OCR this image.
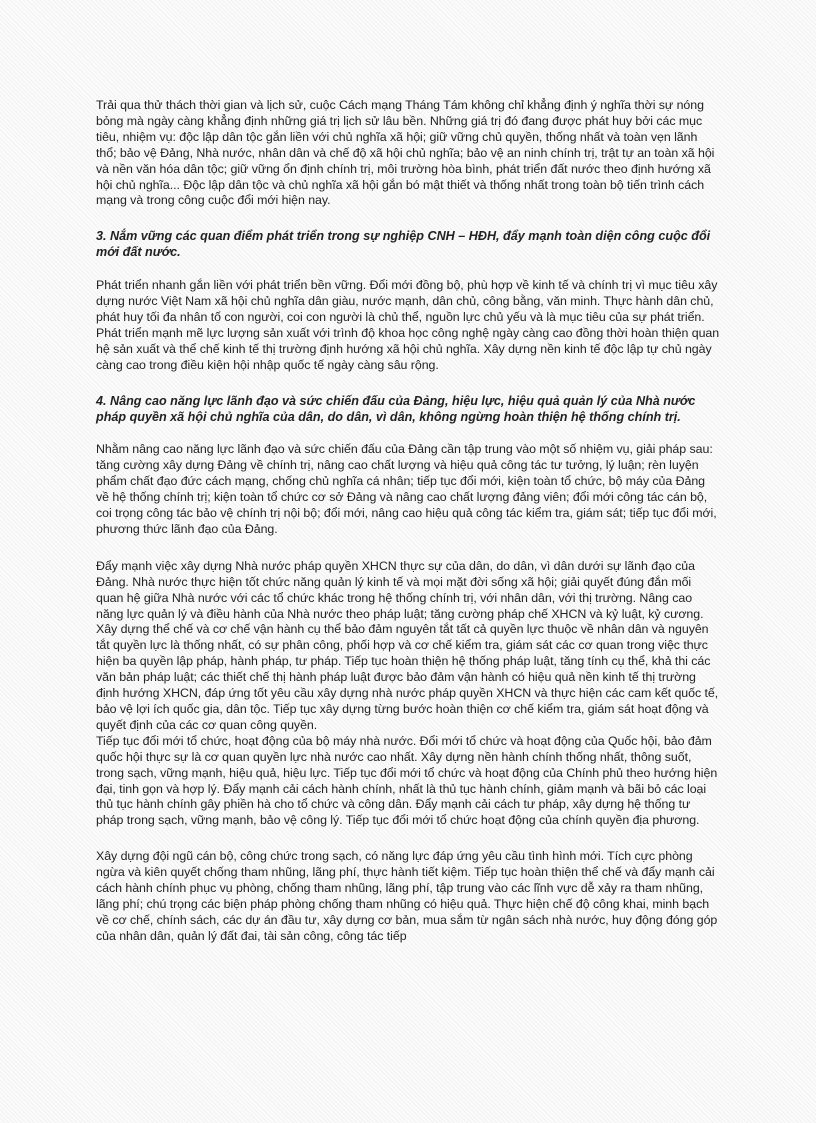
Trải qua thử thách thời gian và lịch sử, cuộc Cách mạng Tháng Tám không chỉ khẳng định ý nghĩa thời sự nóng bỏng mà ngày càng khẳng định những giá trị lịch sử lâu bền. Những giá trị đó đang được phát huy bởi các mục tiêu, nhiệm vụ: độc lập dân tộc gắn liền với chủ nghĩa xã hội; giữ vững chủ quyền, thống nhất và toàn vẹn lãnh thổ; bảo vệ Đảng, Nhà nước, nhân dân và chế độ xã hội chủ nghĩa; bảo vệ an ninh chính trị, trật tự an toàn xã hội và nền văn hóa dân tộc; giữ vững ổn định chính trị, môi trường hòa bình, phát triển đất nước theo định hướng xã hội chủ nghĩa... Độc lập dân tộc và chủ nghĩa xã hội gắn bó mật thiết và thống nhất trong toàn bộ tiến trình cách mạng và trong công cuộc đổi mới hiện nay.

3. Nắm vững các quan điểm phát triển trong sự nghiệp CNH – HĐH, đẩy mạnh toàn diện công cuộc đổi mới đất nước.

Phát triển nhanh gắn liền với phát triển bền vững. Đổi mới đồng bộ, phù hợp về kinh tế và chính trị vì mục tiêu xây dựng nước Việt Nam xã hội chủ nghĩa dân giàu, nước mạnh, dân chủ, công bằng, văn minh. Thực hành dân chủ, phát huy tối đa nhân tố con người, coi con người là chủ thể, nguồn lực chủ yếu và là mục tiêu của sự phát triển. Phát triển mạnh mẽ lực lượng sản xuất với trình độ khoa học công nghệ ngày càng cao đồng thời hoàn thiện quan hệ sản xuất và thể chế kinh tế thị trường định hướng xã hội chủ nghĩa. Xây dựng nền kinh tế độc lập tự chủ ngày càng cao trong điều kiện hội nhập quốc tế ngày càng sâu rộng.

4. Nâng cao năng lực lãnh đạo và sức chiến đấu của Đảng, hiệu lực, hiệu quả quản lý của Nhà nước pháp quyền xã hội chủ nghĩa của dân, do dân, vì dân, không ngừng hoàn thiện hệ thống chính trị.

Nhằm nâng cao năng lực lãnh đạo và sức chiến đấu của Đảng cần tập trung vào một số nhiệm vụ, giải pháp sau: tăng cường xây dựng Đảng về chính trị, nâng cao chất lượng và hiệu quả công tác tư tưởng, lý luận; rèn luyện phẩm chất đạo đức cách mạng, chống chủ nghĩa cá nhân; tiếp tục đổi mới, kiện toàn tổ chức, bộ máy của Đảng về hệ thống chính trị; kiện toàn tổ chức cơ sở Đảng và nâng cao chất lượng đảng viên; đổi mới công tác cán bộ, coi trọng công tác bảo vệ chính trị nội bộ; đổi mới, nâng cao hiệu quả công tác kiểm tra, giám sát; tiếp tục đổi mới, phương thức lãnh đạo của Đảng.

Đẩy mạnh việc xây dựng Nhà nước pháp quyền XHCN thực sự của dân, do dân, vì dân dưới sự lãnh đạo của Đảng. Nhà nước thực hiện tốt chức năng quản lý kinh tế và mọi mặt đời sống xã hội; giải quyết đúng đắn mối quan hệ giữa Nhà nước với các tổ chức khác trong hệ thống chính trị, với nhân dân, với thị trường. Nâng cao năng lực quản lý và điều hành của Nhà nước theo pháp luật; tăng cường pháp chế XHCN và kỷ luật, kỷ cương. Xây dựng thể chế và cơ chế vận hành cụ thể bảo đảm nguyên tắt tất cả quyền lực thuộc về nhân dân và nguyên tắt quyền lực là thống nhất, có sự phân công, phối hợp và cơ chế kiểm tra, giám sát các cơ quan trong việc thực hiện ba quyền lập pháp, hành pháp, tư pháp. Tiếp tục hoàn thiện hệ thống pháp luật, tăng tính cụ thể, khả thi các văn bản pháp luật; các thiết chế thị hành pháp luật được bảo đảm vận hành có hiệu quả nền kinh tế thị trường định hướng XHCN, đáp ứng tốt yêu cầu xây dựng nhà nước pháp quyền XHCN và thực hiện các cam kết quốc tế, bảo vệ lợi ích quốc gia, dân tộc. Tiếp tục xây dựng từng bước hoàn thiện cơ chế kiểm tra, giám sát hoạt động và quyết định của các cơ quan công quyền.

Tiếp tục đổi mới tổ chức, hoạt động của bộ máy nhà nước. Đổi mới tổ chức và hoạt động của Quốc hội, bảo đảm quốc hội thực sự là cơ quan quyền lực nhà nước cao nhất. Xây dựng nền hành chính thống nhất, thông suốt, trong sạch, vững mạnh, hiệu quả, hiệu lực. Tiếp tục đổi mới tổ chức và hoạt động của Chính phủ theo hướng hiện đại, tinh gọn và hợp lý. Đẩy mạnh cải cách hành chính, nhất là thủ tục hành chính, giảm mạnh và bãi bỏ các loại thủ tục hành chính gây phiền hà cho tổ chức và công dân. Đẩy mạnh cải cách tư pháp, xây dựng hệ thống tư pháp trong sạch, vững mạnh, bảo vệ công lý. Tiếp tục đổi mới tổ chức hoạt động của chính quyền địa phương.

Xây dựng đội ngũ cán bộ, công chức trong sạch, có năng lực đáp ứng yêu cầu tình hình mới. Tích cực phòng ngừa và kiên quyết chống tham nhũng, lãng phí, thực hành tiết kiệm. Tiếp tục hoàn thiện thể chế và đẩy mạnh cải cách hành chính phục vụ phòng, chống tham nhũng, lãng phí, tập trung vào các lĩnh vực dễ xảy ra tham nhũng, lãng phí; chú trọng các biện pháp phòng chống tham nhũng có hiệu quả. Thực hiện chế độ công khai, minh bạch về cơ chế, chính sách, các dự án đầu tư, xây dựng cơ bản, mua sắm từ ngân sách nhà nước, huy động đóng góp của nhân dân, quản lý đất đai, tài sản công, công tác tiếp
